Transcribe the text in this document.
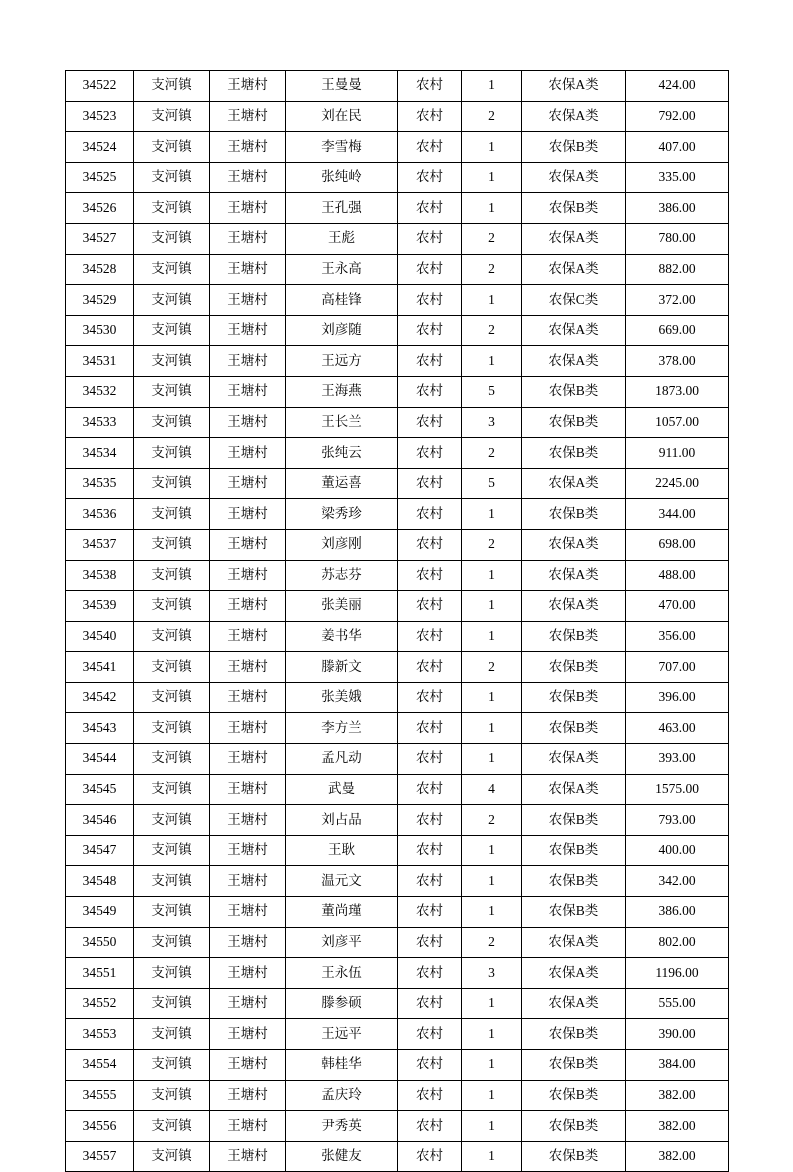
34522	支河镇	王塘村	王曼曼	农村	1	农保A类	424.00
34523	支河镇	王塘村	刘在民	农村	2	农保A类	792.00
34524	支河镇	王塘村	李雪梅	农村	1	农保B类	407.00
34525	支河镇	王塘村	张纯岭	农村	1	农保A类	335.00
34526	支河镇	王塘村	王孔强	农村	1	农保B类	386.00
34527	支河镇	王塘村	王彪	农村	2	农保A类	780.00
34528	支河镇	王塘村	王永高	农村	2	农保A类	882.00
34529	支河镇	王塘村	高桂锋	农村	1	农保C类	372.00
34530	支河镇	王塘村	刘彦随	农村	2	农保A类	669.00
34531	支河镇	王塘村	王远方	农村	1	农保A类	378.00
34532	支河镇	王塘村	王海燕	农村	5	农保B类	1873.00
34533	支河镇	王塘村	王长兰	农村	3	农保B类	1057.00
34534	支河镇	王塘村	张纯云	农村	2	农保B类	911.00
34535	支河镇	王塘村	董运喜	农村	5	农保A类	2245.00
34536	支河镇	王塘村	梁秀珍	农村	1	农保B类	344.00
34537	支河镇	王塘村	刘彦刚	农村	2	农保A类	698.00
34538	支河镇	王塘村	苏志芬	农村	1	农保A类	488.00
34539	支河镇	王塘村	张美丽	农村	1	农保A类	470.00
34540	支河镇	王塘村	姜书华	农村	1	农保B类	356.00
34541	支河镇	王塘村	滕新文	农村	2	农保B类	707.00
34542	支河镇	王塘村	张美娥	农村	1	农保B类	396.00
34543	支河镇	王塘村	李方兰	农村	1	农保B类	463.00
34544	支河镇	王塘村	孟凡动	农村	1	农保A类	393.00
34545	支河镇	王塘村	武曼	农村	4	农保A类	1575.00
34546	支河镇	王塘村	刘占品	农村	2	农保B类	793.00
34547	支河镇	王塘村	王耿	农村	1	农保B类	400.00
34548	支河镇	王塘村	温元文	农村	1	农保B类	342.00
34549	支河镇	王塘村	董尚瑾	农村	1	农保B类	386.00
34550	支河镇	王塘村	刘彦平	农村	2	农保A类	802.00
34551	支河镇	王塘村	王永伍	农村	3	农保A类	1196.00
34552	支河镇	王塘村	滕参硕	农村	1	农保A类	555.00
34553	支河镇	王塘村	王远平	农村	1	农保B类	390.00
34554	支河镇	王塘村	韩桂华	农村	1	农保B类	384.00
34555	支河镇	王塘村	孟庆玲	农村	1	农保B类	382.00
34556	支河镇	王塘村	尹秀英	农村	1	农保B类	382.00
34557	支河镇	王塘村	张健友	农村	1	农保B类	382.00
